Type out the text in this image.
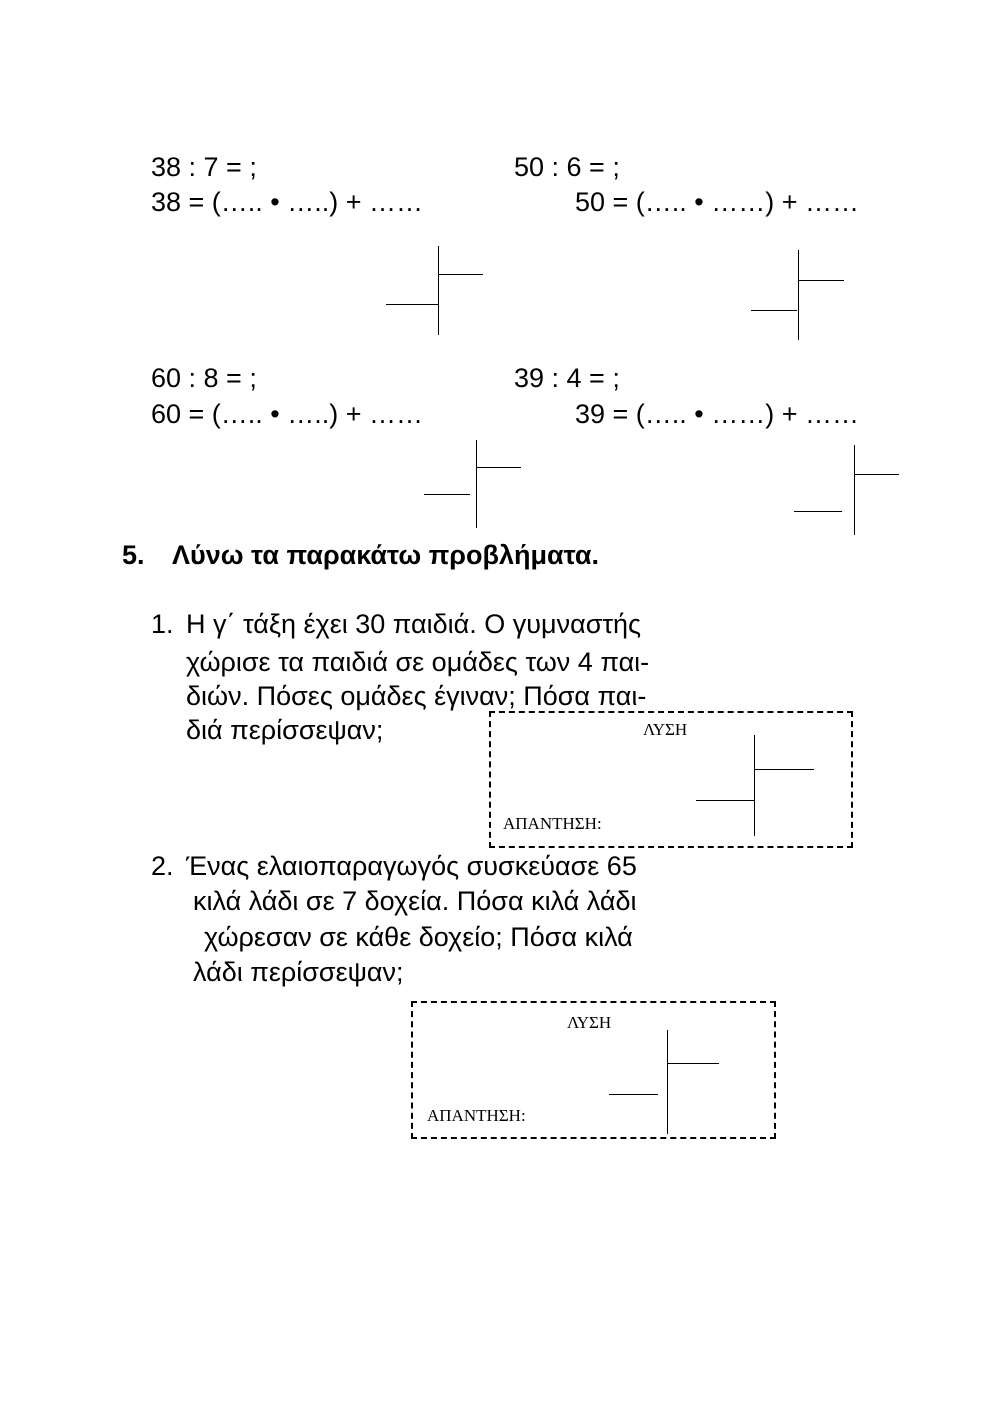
38 : 7 = ;
38 = (….. • …..) + ……
50 : 6 = ;
50 = (….. • ……) + ……
60 : 8 = ;
60 = (….. • …..) + ……
39 : 4 = ;
39 = (….. • ……) + ……
5. Λύνω τα παρακάτω προβλήματα.
1. Η γ΄ τάξη έχει 30 παιδιά. Ο γυμναστής
χώρισε τα παιδιά σε ομάδες των 4 παι-
διών. Πόσες ομάδες έγιναν; Πόσα παι-
διά περίσσεψαν;	ΛΥΣΗ
ΑΠΑΝΤΗΣΗ:
2. Ένας ελαιοπαραγωγός συσκεύασε 65
κιλά λάδι σε 7 δοχεία. Πόσα κιλά λάδι
χώρεσαν σε κάθε δοχείο; Πόσα κιλά
λάδι περίσσεψαν;
ΛΥΣΗ
ΑΠΑΝΤΗΣΗ:
